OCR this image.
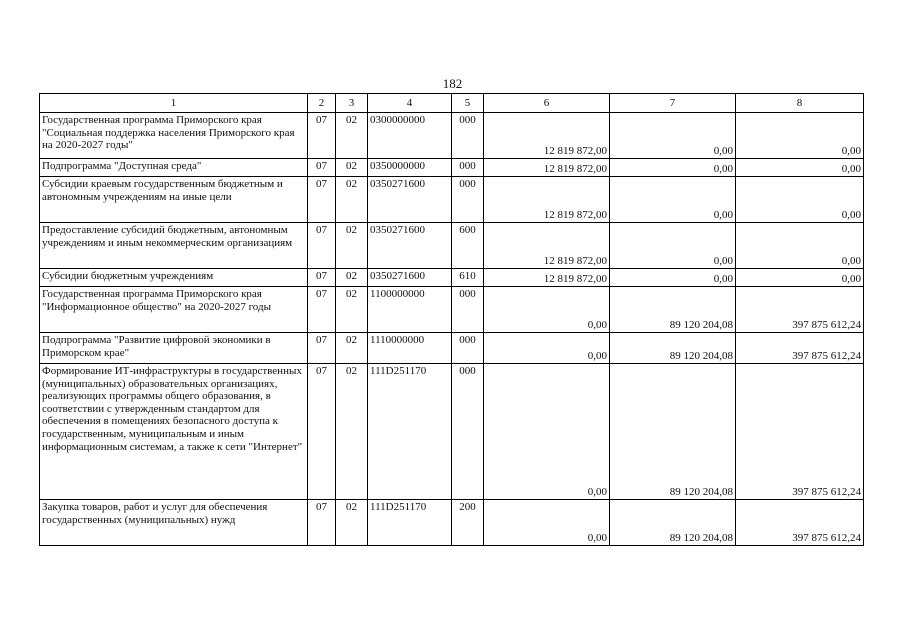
182
1	2	3	4	5	6	7	8
Государственная программа Приморского края "Социальная поддержка населения Приморского края на 2020-2027 годы"	07	02	0300000000	000	12 819 872,00	0,00	0,00
Подпрограмма "Доступная среда"	07	02	0350000000	000	12 819 872,00	0,00	0,00
Субсидии краевым государственным бюджетным и автономным учреждениям на иные цели	07	02	0350271600	000	12 819 872,00	0,00	0,00
Предоставление субсидий бюджетным, автономным учреждениям и иным некоммерческим организациям	07	02	0350271600	600	12 819 872,00	0,00	0,00
Субсидии бюджетным учреждениям	07	02	0350271600	610	12 819 872,00	0,00	0,00
Государственная программа Приморского края "Информационное общество" на 2020-2027 годы	07	02	1100000000	000	0,00	89 120 204,08	397 875 612,24
Подпрограмма "Развитие цифровой экономики в Приморском крае"	07	02	1110000000	000	0,00	89 120 204,08	397 875 612,24
Формирование ИТ-инфраструктуры в государственных (муниципальных) образовательных организациях, реализующих программы общего образования, в соответствии с утвержденным стандартом для обеспечения в помещениях безопасного доступа к государственным, муниципальным и иным информационным системам, а также к сети "Интернет"	07	02	111D251170	000	0,00	89 120 204,08	397 875 612,24
Закупка товаров, работ и услуг для обеспечения государственных (муниципальных) нужд	07	02	111D251170	200	0,00	89 120 204,08	397 875 612,24
